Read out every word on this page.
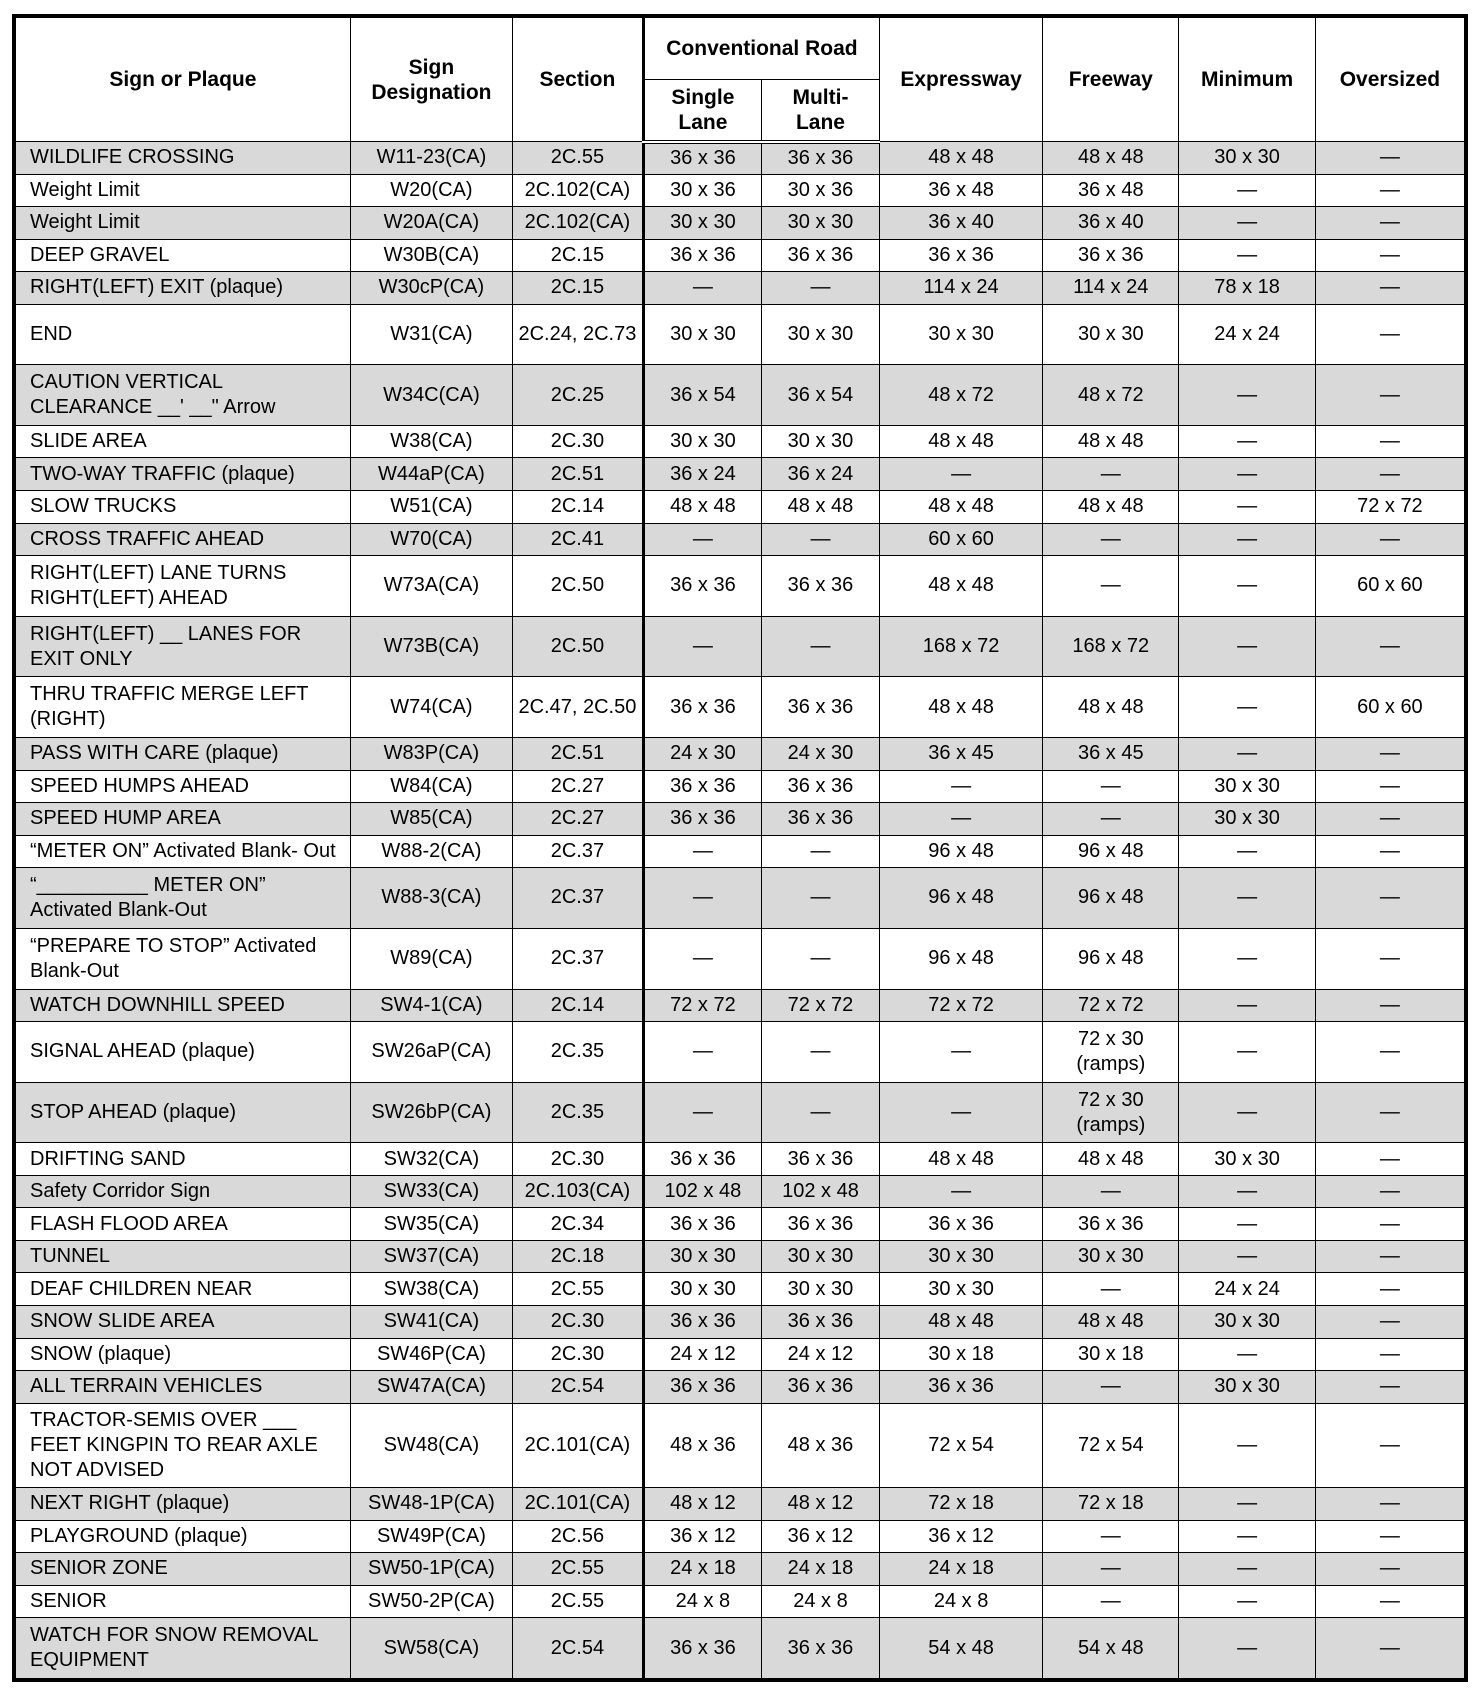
Sign or Plaque	Sign Designation	Section	Conventional Road		Expressway	Freeway	Minimum	Oversized
			Single Lane	Multi- Lane				
WILDLIFE CROSSING	W11-23(CA)	2C.55	36 x 36	36 x 36	48 x 48	48 x 48	30 x 30	—
Weight Limit	W20(CA)	2C.102(CA)	30 x 36	30 x 36	36 x 48	36 x 48	—	—
Weight Limit	W20A(CA)	2C.102(CA)	30 x 30	30 x 30	36 x 40	36 x 40	—	—
DEEP GRAVEL	W30B(CA)	2C.15	36 x 36	36 x 36	36 x 36	36 x 36	—	—
RIGHT(LEFT) EXIT (plaque)	W30cP(CA)	2C.15	—	—	114 x 24	114 x 24	78 x 18	—
END	W31(CA)	2C.24, 2C.73	30 x 30	30 x 30	30 x 30	30 x 30	24 x 24	—
CAUTION VERTICAL CLEARANCE __' __" Arrow	W34C(CA)	2C.25	36 x 54	36 x 54	48 x 72	48 x 72	—	—
SLIDE AREA	W38(CA)	2C.30	30 x 30	30 x 30	48 x 48	48 x 48	—	—
TWO-WAY TRAFFIC (plaque)	W44aP(CA)	2C.51	36 x 24	36 x 24	—	—	—	—
SLOW TRUCKS	W51(CA)	2C.14	48 x 48	48 x 48	48 x 48	48 x 48	—	72 x 72
CROSS TRAFFIC AHEAD	W70(CA)	2C.41	—	—	60 x 60	—	—	—
RIGHT(LEFT) LANE TURNS RIGHT(LEFT) AHEAD	W73A(CA)	2C.50	36 x 36	36 x 36	48 x 48	—	—	60 x 60
RIGHT(LEFT) __ LANES FOR EXIT ONLY	W73B(CA)	2C.50	—	—	168 x 72	168 x 72	—	—
THRU TRAFFIC MERGE LEFT (RIGHT)	W74(CA)	2C.47, 2C.50	36 x 36	36 x 36	48 x 48	48 x 48	—	60 x 60
PASS WITH CARE (plaque)	W83P(CA)	2C.51	24 x 30	24 x 30	36 x 45	36 x 45	—	—
SPEED HUMPS AHEAD	W84(CA)	2C.27	36 x 36	36 x 36	—	—	30 x 30	—
SPEED HUMP AREA	W85(CA)	2C.27	36 x 36	36 x 36	—	—	30 x 30	—
“METER ON” Activated Blank- Out	W88-2(CA)	2C.37	—	—	96 x 48	96 x 48	—	—
“__________ METER ON” Activated Blank-Out	W88-3(CA)	2C.37	—	—	96 x 48	96 x 48	—	—
“PREPARE TO STOP” Activated Blank-Out	W89(CA)	2C.37	—	—	96 x 48	96 x 48	—	—
WATCH DOWNHILL SPEED	SW4-1(CA)	2C.14	72 x 72	72 x 72	72 x 72	72 x 72	—	—
SIGNAL AHEAD (plaque)	SW26aP(CA)	2C.35	—	—	—	72 x 30 (ramps)	—	—
STOP AHEAD (plaque)	SW26bP(CA)	2C.35	—	—	—	72 x 30 (ramps)	—	—
DRIFTING SAND	SW32(CA)	2C.30	36 x 36	36 x 36	48 x 48	48 x 48	30 x 30	—
Safety Corridor Sign	SW33(CA)	2C.103(CA)	102 x 48	102 x 48	—	—	—	—
FLASH FLOOD AREA	SW35(CA)	2C.34	36 x 36	36 x 36	36 x 36	36 x 36	—	—
TUNNEL	SW37(CA)	2C.18	30 x 30	30 x 30	30 x 30	30 x 30	—	—
DEAF CHILDREN NEAR	SW38(CA)	2C.55	30 x 30	30 x 30	30 x 30	—	24 x 24	—
SNOW SLIDE AREA	SW41(CA)	2C.30	36 x 36	36 x 36	48 x 48	48 x 48	30 x 30	—
SNOW (plaque)	SW46P(CA)	2C.30	24 x 12	24 x 12	30 x 18	30 x 18	—	—
ALL TERRAIN VEHICLES	SW47A(CA)	2C.54	36 x 36	36 x 36	36 x 36	—	30 x 30	—
TRACTOR-SEMIS OVER ___ FEET KINGPIN TO REAR AXLE NOT ADVISED	SW48(CA)	2C.101(CA)	48 x 36	48 x 36	72 x 54	72 x 54	—	—
NEXT RIGHT (plaque)	SW48-1P(CA)	2C.101(CA)	48 x 12	48 x 12	72 x 18	72 x 18	—	—
PLAYGROUND (plaque)	SW49P(CA)	2C.56	36 x 12	36 x 12	36 x 12	—	—	—
SENIOR ZONE	SW50-1P(CA)	2C.55	24 x 18	24 x 18	24 x 18	—	—	—
SENIOR	SW50-2P(CA)	2C.55	24 x 8	24 x 8	24 x 8	—	—	—
WATCH FOR SNOW REMOVAL EQUIPMENT	SW58(CA)	2C.54	36 x 36	36 x 36	54 x 48	54 x 48	—	—
